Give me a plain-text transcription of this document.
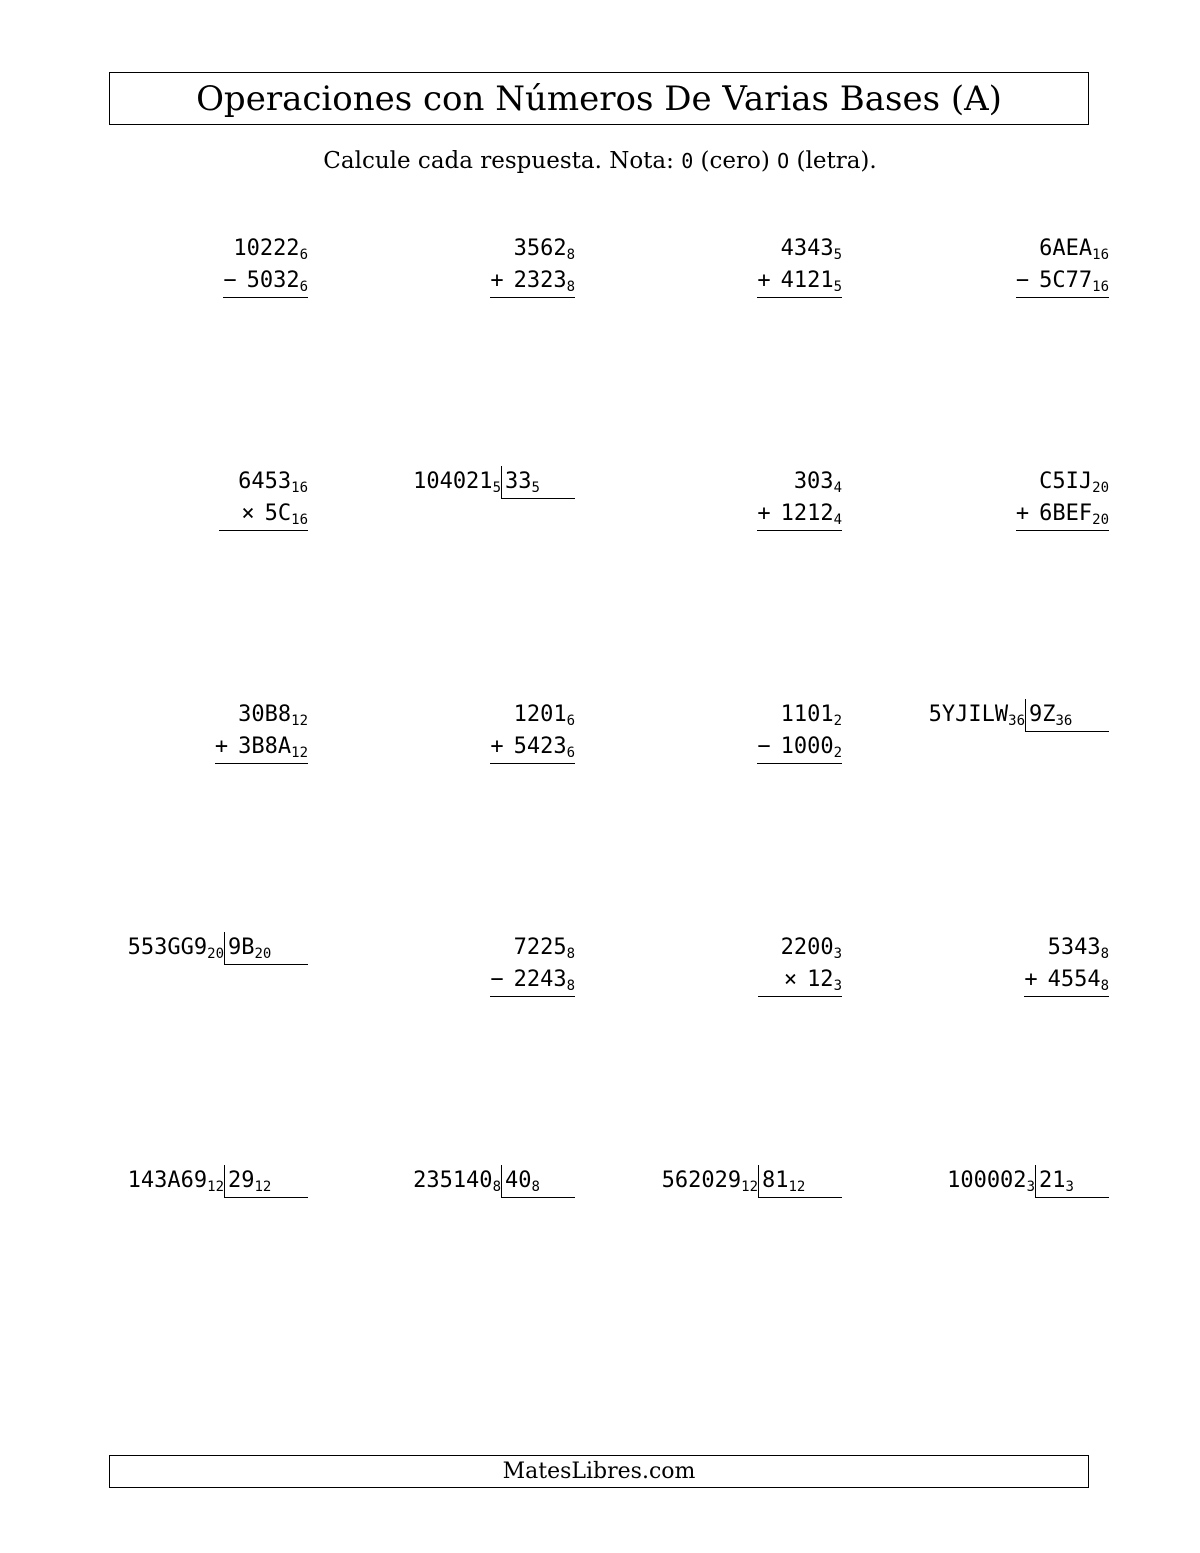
Operaciones con Números De Varias Bases (A)
Calcule cada respuesta. Nota: 0 (cero) O (letra).
$10222_6$
− $5032_6$
$3562_8$
+ $2323_8$
$4343_5$
+ $4121_5$
$6AEA_{16}$
− $5C77_{16}$
$6453_{16}$
× $5C_{16}$
$104021_5$ $33_5$	$303_4$
+ $1212_4$
$C5IJ_{20}$
+ $6BEF_{20}$
$30B8_{12}$
+ $3B8A_{12}$
$1201_6$
+ $5423_6$
$1101_2$
− $1000_2$
$5YJILW_{36}$ $9Z_{36}$
$553GG9_{20}$ $9B_{20}$	$7225_8$
− $2243_8$
$2200_3$
× $12_3$
$5343_8$
+ $4554_8$
$143A69_{12}$ $29_{12}$	$235140_8$ $40_8$	$562029_{12}$ $81_{12}$	$100002_3$ $21_3$
MatesLibres.com
